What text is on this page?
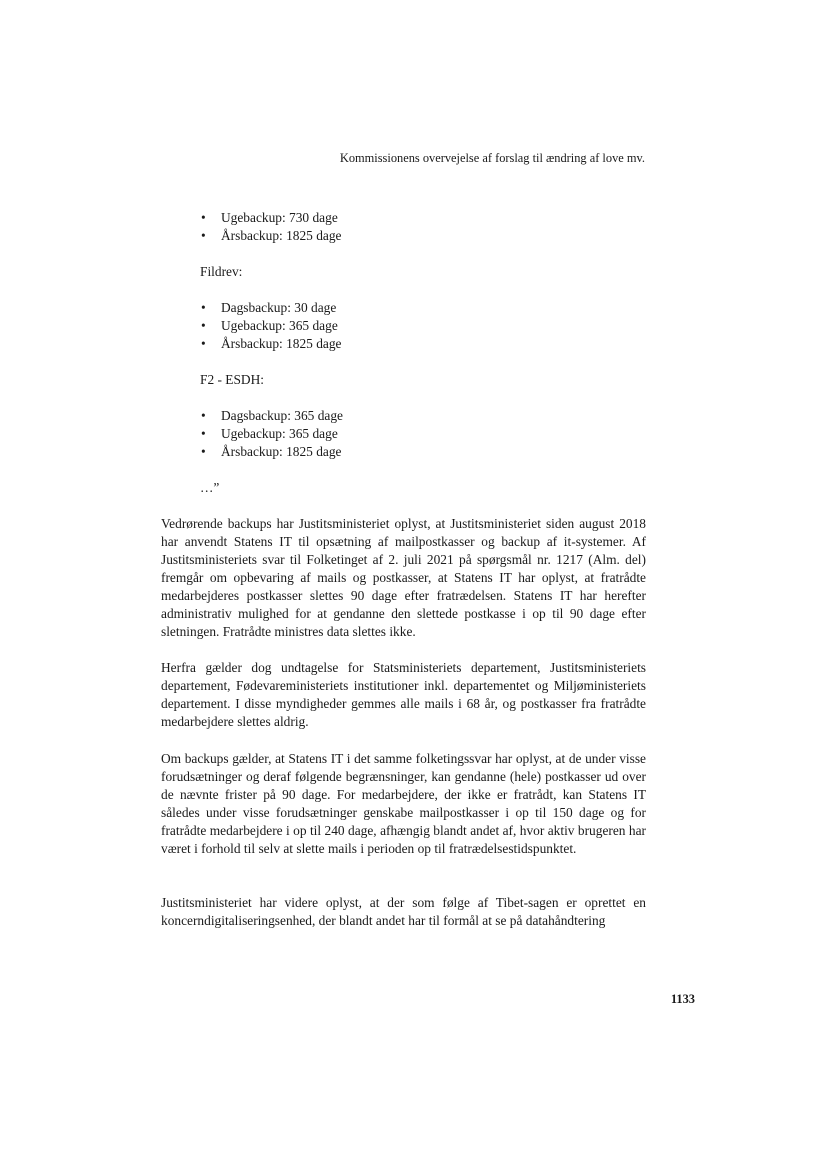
Kommissionens overvejelse af forslag til ændring af love mv.
• Ugebackup: 730 dage
• Årsbackup: 1825 dage
Fildrev:
• Dagsbackup: 30 dage
• Ugebackup: 365 dage
• Årsbackup: 1825 dage
F2 - ESDH:
• Dagsbackup: 365 dage
• Ugebackup: 365 dage
• Årsbackup: 1825 dage
…”

Vedrørende backups har Justitsministeriet oplyst, at Justitsministeriet siden august 2018 har anvendt Statens IT til opsætning af mailpostkasser og backup af it-systemer. Af Justitsministeriets svar til Folketinget af 2. juli 2021 på spørgsmål nr. 1217 (Alm. del) fremgår om opbevaring af mails og postkasser, at Statens IT har oplyst, at fratrådte medarbejderes postkasser slettes 90 dage efter fratrædelsen. Statens IT har herefter administrativ mulighed for at gendanne den slettede postkasse i op til 90 dage efter sletningen. Fratrådte ministres data slettes ikke.

Herfra gælder dog undtagelse for Statsministeriets departement, Justitsministeriets departement, Fødevareministeriets institutioner inkl. departementet og Miljøministeriets departement. I disse myndigheder gemmes alle mails i 68 år, og postkasser fra fratrådte medarbejdere slettes aldrig.

Om backups gælder, at Statens IT i det samme folketingssvar har oplyst, at de under visse forudsætninger og deraf følgende begrænsninger, kan gendanne (hele) postkasser ud over de nævnte frister på 90 dage. For medarbejdere, der ikke er fratrådt, kan Statens IT således under visse forudsætninger genskabe mailpostkasser i op til 150 dage og for fratrådte medarbejdere i op til 240 dage, afhængig blandt andet af, hvor aktiv brugeren har været i forhold til selv at slette mails i perioden op til fratrædelsestidspunktet.

Justitsministeriet har videre oplyst, at der som følge af Tibet-sagen er oprettet en koncerndigitaliseringsenhed, der blandt andet har til formål at se på datahåndtering

1133
